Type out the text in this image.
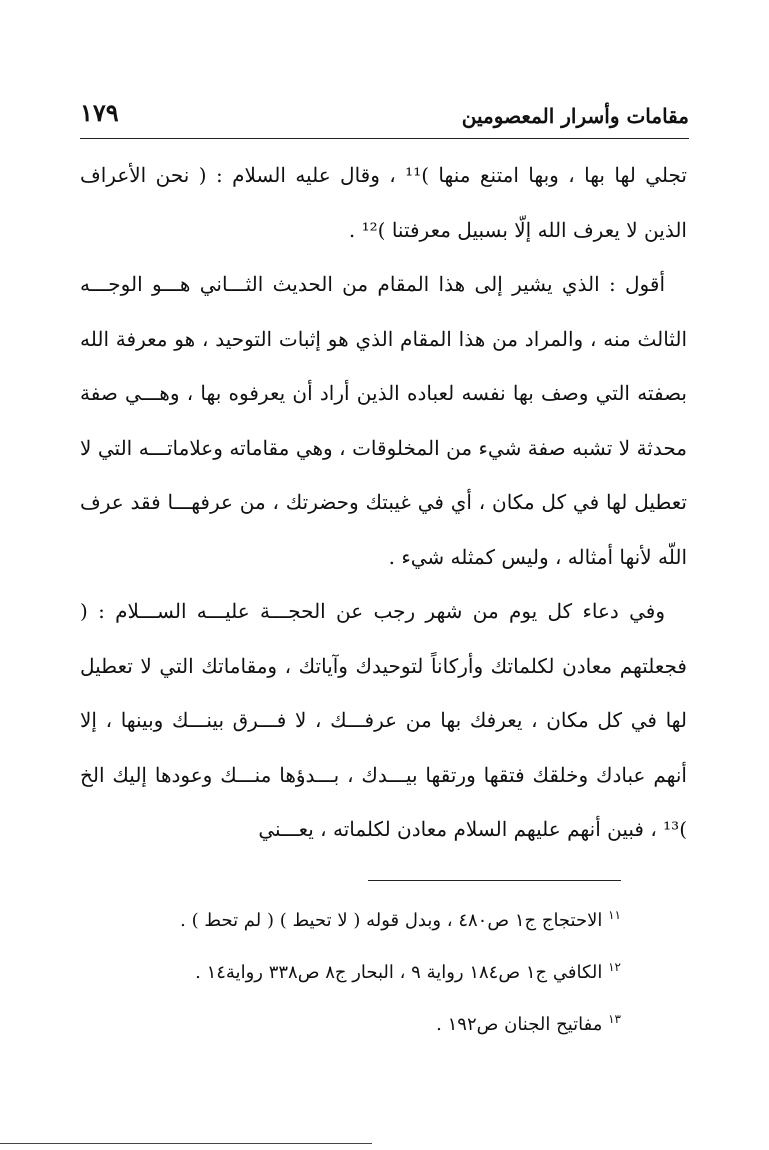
مقامات وأسرار المعصومين
١٧٩

تجلي لها بها ، وبها امتنع منها )¹¹ ، وقال عليه السلام : ( نحن الأعراف الذين لا يعرف الله إلّا بسبيل معرفتنا )¹² .

أقول : الذي يشير إلى هذا المقام من الحديث الثـــاني هـــو الوجـــه الثالث منه ، والمراد من هذا المقام الذي هو إثبات التوحيد ، هو معرفة الله بصفته التي وصف بها نفسه لعباده الذين أراد أن يعرفوه بها ، وهـــي صفة محدثة لا تشبه صفة شيء من المخلوقات ، وهي مقاماته وعلاماتـــه التي لا تعطيل لها في كل مكان ، أي في غيبتك وحضرتك ، من عرفهـــا فقد عرف اللّه لأنها أمثاله ، وليس كمثله شيء .

وفي دعاء كل يوم من شهر رجب عن الحجـــة عليـــه الســـلام : ( فجعلتهم معادن لكلماتك وأركاناً لتوحيدك وآياتك ، ومقاماتك التي لا تعطيل لها في كل مكان ، يعرفك بها من عرفـــك ، لا فـــرق بينـــك وبينها ، إلا أنهم عبادك وخلقك فتقها ورتقها بيـــدك ، بـــدؤها منـــك وعودها إليك الخ )¹³ ، فبين أنهم عليهم السلام معادن لكلماته ، يعـــني

$^{١١}$ الاحتجاج ج١ ص٤٨٠ ، وبدل قوله ( لا تحيط ) ( لم تحط ) .

$^{١٢}$ الكافي ج١ ص١٨٤ رواية ٩ ، البحار ج٨ ص٣٣٨ رواية١٤ .

$^{١٣}$ مفاتيح الجنان ص١٩٢ .
